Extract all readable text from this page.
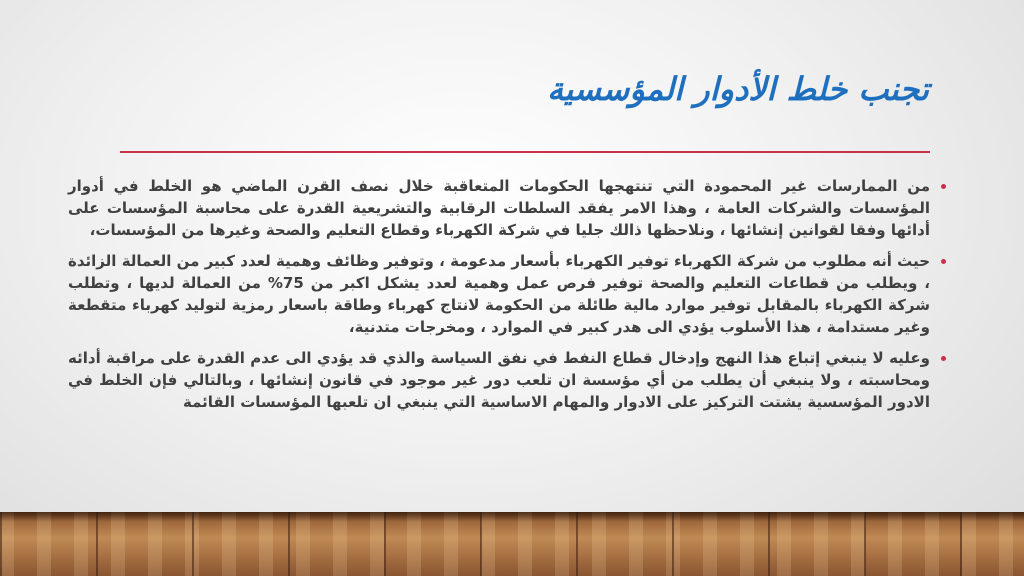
تجنب خلط الأدوار المؤسسية
من الممارسات غير المحمودة التي تنتهجها الحكومات المتعاقبة خلال نصف القرن الماضي هو الخلط في أدوار المؤسسات والشركات العامة ، وهذا الامر يفقد السلطات الرقابية والتشريعية القدرة على محاسبة المؤسسات على أدائها وفقا لقوانين إنشائها ، ونلاحظها ذالك جليا في شركة الكهرباء وقطاع التعليم والصحة وغيرها من المؤسسات،
حيث أنه مطلوب من شركة الكهرباء توفير الكهرباء بأسعار مدعومة ، وتوفير وظائف وهمية لعدد كبير من العمالة الزائدة ، ويطلب من قطاعات التعليم والصحة توفير فرص عمل وهمية لعدد يشكل اكبر من 75% من العمالة لديها ، وتطلب شركة الكهرباء بالمقابل توفير موارد مالية طائلة من الحكومة لانتاج كهرباء وطاقة باسعار رمزية لتوليد كهرباء متقطعة وغير مستدامة ، هذا الأسلوب يؤدي الى هدر كبير في الموارد ، ومخرجات متدنية،
وعليه لا ينبغي إتباع هذا النهج وإدخال قطاع النفط في نفق السياسة والذي قد يؤدي الى عدم القدرة على مراقبة أدائه ومحاسبته ، ولا ينبغي أن يطلب من أي مؤسسة ان تلعب دور غير موجود في قانون إنشائها ، وبالتالي فإن الخلط في الادور المؤسسية يشتت التركيز على الادوار والمهام الاساسية التي ينبغي ان تلعبها المؤسسات القائمة
